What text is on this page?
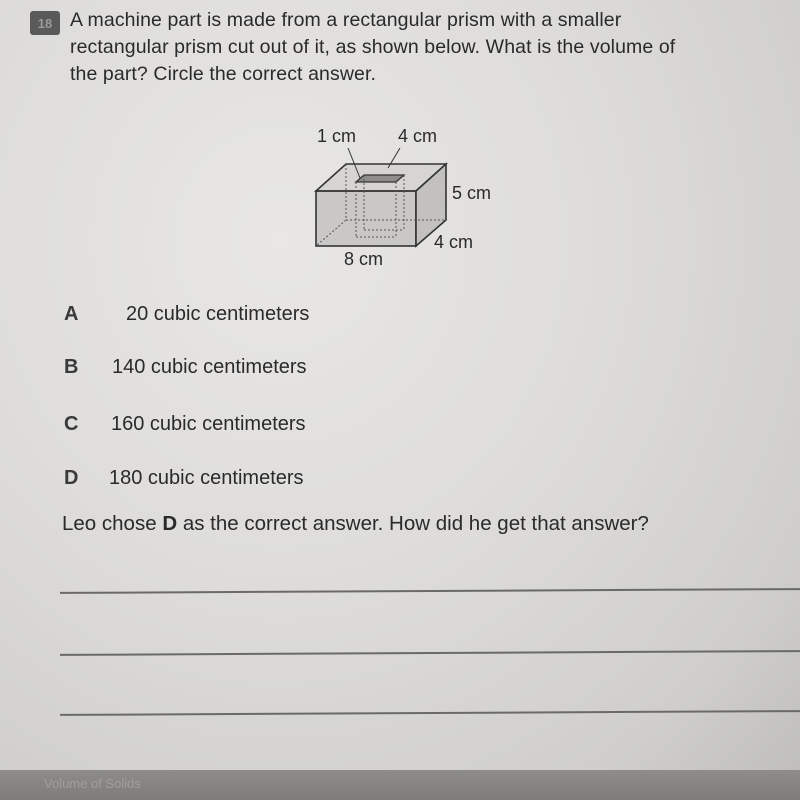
18 A machine part is made from a rectangular prism with a smaller
rectangular prism cut out of it, as shown below. What is the volume of
the part? Circle the correct answer.
1 cm 4 cm
5 cm
4 cm
8 cm
A 20 cubic centimeters
B 140 cubic centimeters
C 160 cubic centimeters
D 180 cubic centimeters
Leo chose D as the correct answer. How did he get that answer?
Volume of Solids
